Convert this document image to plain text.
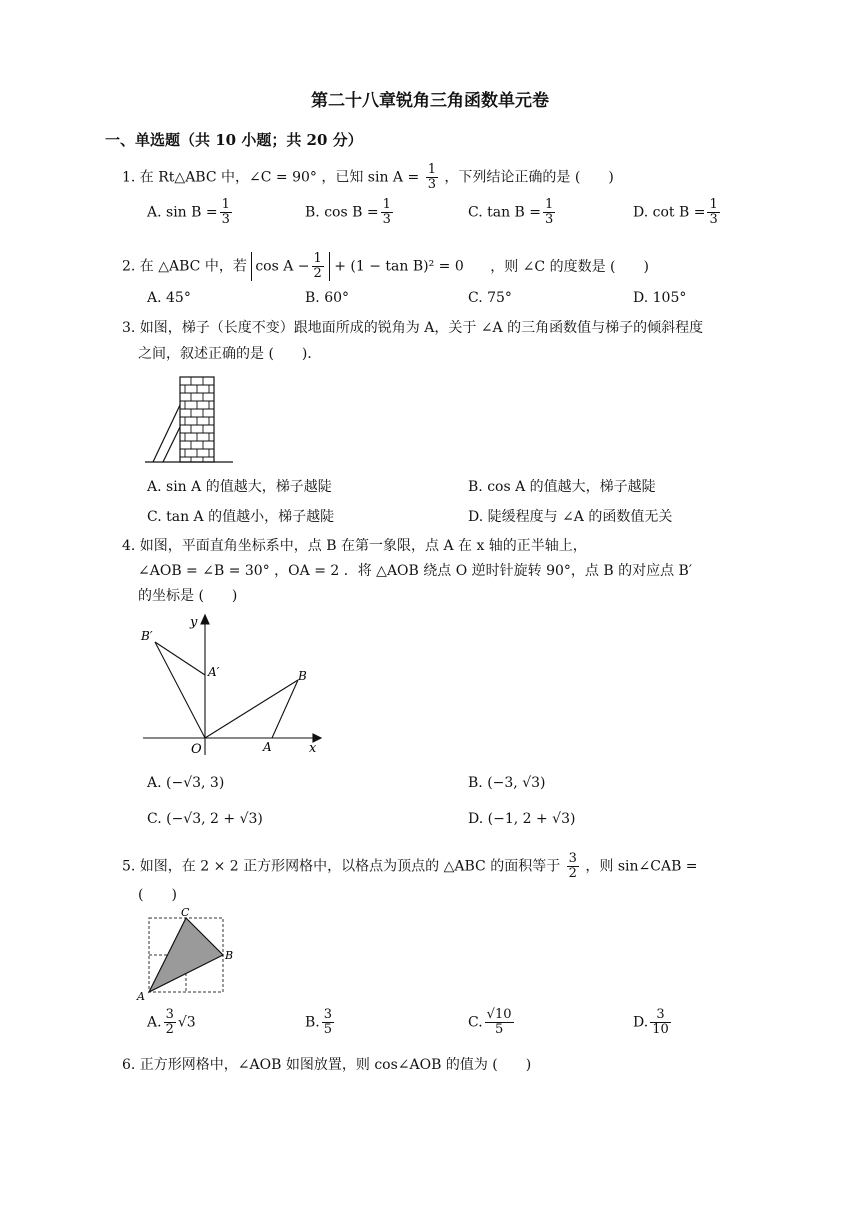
第二十八章锐角三角函数单元卷
一、单选题（共 10 小题；共 20 分）
1. 在 Rt△ABC 中，∠C = 90° ，已知 $\sin A = \frac{1}{3}$ ，下列结论正确的是 (　　)
A. $\sin B = \frac{1}{3}$	B. $\cos B = \frac{1}{3}$	C. $\tan B = \frac{1}{3}$	D. $\cot B = \frac{1}{3}$
2. 在 △ABC 中，若 $\cos A - \frac{1}{2} + (1 - \tan B)^2 = 0$ ，则 ∠C 的度数是 (　　)
A. 45°	B. 60°	C. 75°	D. 105°
3. 如图，梯子（长度不变）跟地面所成的锐角为 A，关于 ∠A 的三角函数值与梯子的倾斜程度
之间，叙述正确的是 (　　)．
A. sin A 的值越大，梯子越陡	B. cos A 的值越大，梯子越陡
C. tan A 的值越小，梯子越陡	D. 陡缓程度与 ∠A 的函数值无关
4. 如图，平面直角坐标系中，点 B 在第一象限，点 A 在 x 轴的正半轴上，
∠AOB = ∠B = 30° ，OA = 2 ．将 △AOB 绕点 O 逆时针旋转 90°，点 B 的对应点 B′
的坐标是 (　　)
y
x
O	A
B
A′
B′
A. (−√3, 3)	B. (−3, √3)
C. (−√3, 2 + √3)	D. (−1, 2 + √3)
5. 如图，在 2 × 2 正方形网格中，以格点为顶点的 △ABC 的面积等于 $\frac{3}{2}$ ，则 sin∠CAB =
(　　)
C
B
A
A. $\frac{3}{2} √3$	B. $\frac{3}{5}$	C. $\frac{√10}{5}$	D. $\frac{3}{10}$
6. 正方形网格中，∠AOB 如图放置，则 cos∠AOB 的值为 (　　)
